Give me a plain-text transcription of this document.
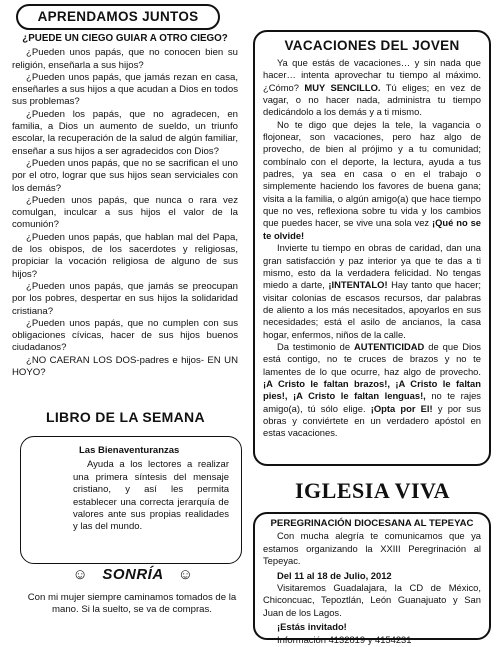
APRENDAMOS JUNTOS
¿PUEDE UN CIEGO GUIAR A OTRO CIEGO?
¿Pueden unos papás, que no conocen bien su religión, enseñarla a sus hijos?
¿Pueden unos papás, que jamás rezan en casa, enseñarles a sus hijos a que acudan a Dios en todos sus problemas?
¿Pueden los papás, que no agradecen, en familia, a Dios un aumento de sueldo, un triunfo escolar, la recuperación de la salud de algún familiar, enseñar a sus hijos a ser agradecidos con Dios?
¿Pueden unos papás, que no se sacrifican el uno por el otro, lograr que sus hijos sean serviciales con los demás?
¿Pueden unos papás, que nunca o rara vez comulgan, inculcar a sus hijos el valor de la comunión?
¿Pueden unos papás, que hablan mal del Papa, de los obispos, de los sacerdotes y religiosas, propiciar la vocación religiosa de alguno de sus hijos?
¿Pueden unos papás, que jamás se preocupan por los pobres, despertar en sus hijos la solidaridad cristiana?
¿Pueden unos papás, que no cumplen con sus obligaciones cívicas, hacer de sus hijos buenos ciudadanos?
¿NO CAERAN LOS DOS-padres e hijos- EN UN HOYO?
LIBRO DE LA SEMANA
Las Bienaventuranzas
Ayuda a los lectores a realizar una primera síntesis del mensaje cristiano, y así les permita establecer una correcta jerarquía de valores ante sus propias realidades y las del mundo.
☺ SONRÍA ☺
Con mi mujer siempre caminamos tomados de la mano. Si la suelto, se va de compras.
VACACIONES DEL JOVEN
Ya que estás de vacaciones… y sin nada que hacer… intenta aprovechar tu tiempo al máximo. ¿Cómo? MUY SENCILLO. Tú eliges; en vez de vagar, o no hacer nada, administra tu tiempo dedicándolo a los demás y a ti mismo.
No te digo que dejes la tele, la vagancia o flojonear, son vacaciones, pero haz algo de provecho, de bien al prójimo y a tu comunidad; combínalo con el deporte, la lectura, ayuda a tus padres, ya sea en casa o en el trabajo o simplemente haciendo los favores de buena gana; visita a la familia, o algún amigo(a) que hace tiempo que no ves, reflexiona sobre tu vida y los cambios que puedes hacer, se vive una sola vez ¡Qué no se te olvide!
Invierte tu tiempo en obras de caridad, dan una gran satisfacción y paz interior ya que te das a ti mismo, esto da la verdadera felicidad. No tengas miedo a darte, ¡INTENTALO! Hay tanto que hacer; visitar colonias de escasos recursos, dar palabras de aliento a los más necesitados, apoyarlos en sus necesidades; está el asilo de ancianos, la casa hogar, enfermos, niños de la calle.
Da testimonio de AUTENTICIDAD de que Dios está contigo, no te cruces de brazos y no te lamentes de lo que ocurre, haz algo de provecho. ¡A Cristo le faltan brazos!, ¡A Cristo le faltan pies!, ¡A Cristo le faltan lenguas!, no te rajes amigo(a), tú sólo elige. ¡Opta por El! y por sus obras y conviértete en un verdadero apóstol en estas vacaciones.
IGLESIA VIVA
PEREGRINACIÓN DIOCESANA AL TEPEYAC
Con mucha alegría te comunicamos que ya estamos organizando la XXIII Peregrinación al Tepeyac.
Del 11 al 18 de Julio, 2012
Visitaremos Guadalajara, la CD de México, Chiconcuac, Tepoztlán, León Guanajuato y San Juan de los Lagos.
¡Estás invitado!
Información 4132819 y 4154231
